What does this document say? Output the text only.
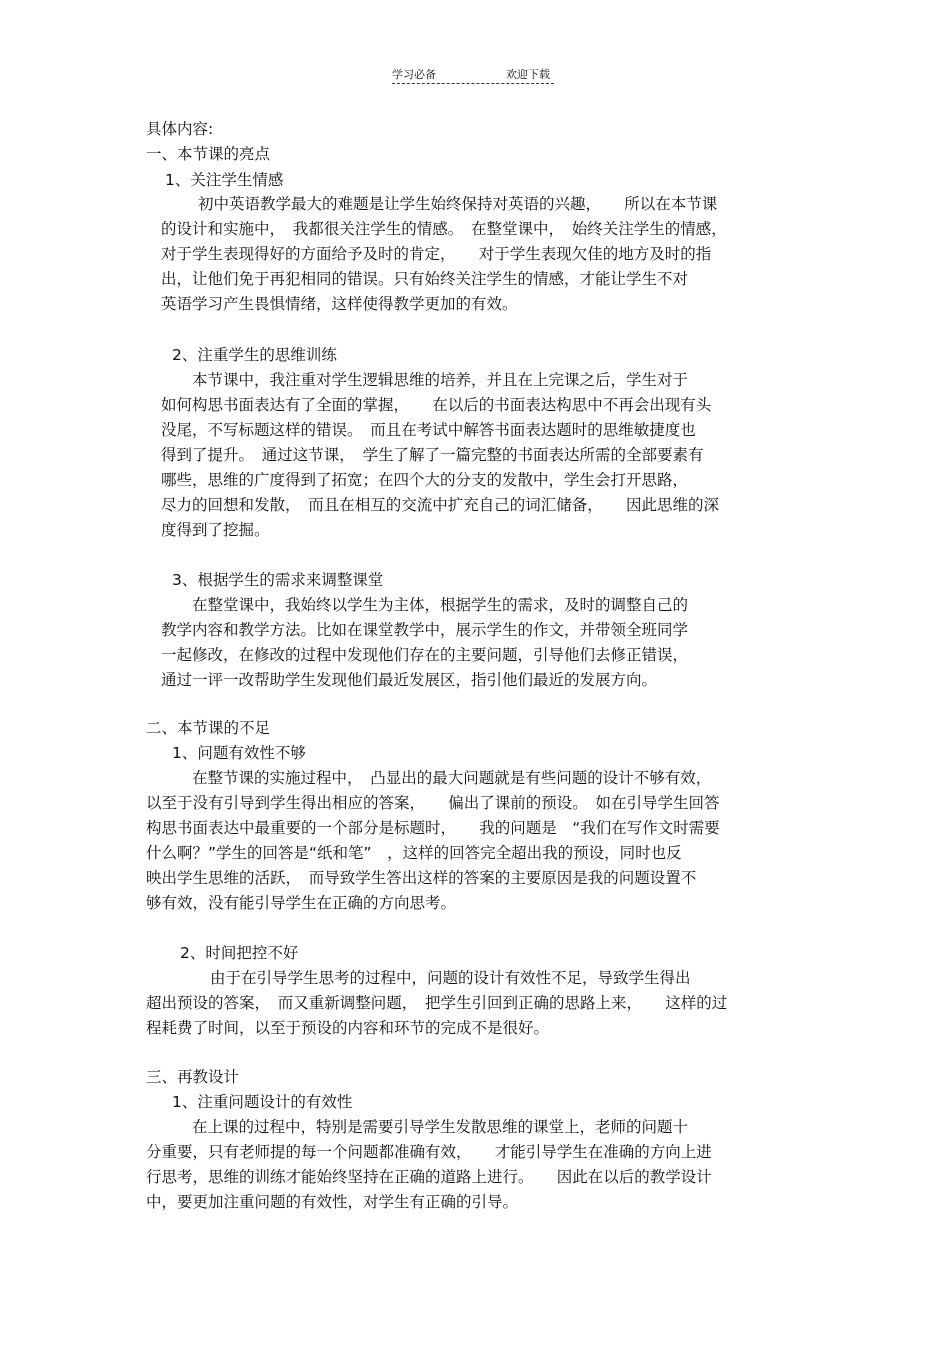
学习必备	欢迎下载
具体内容:
一、本节课的亮点
1、关注学生情感
初中英语教学最大的难题是让学生始终保持对英语的兴趣，　　所以在本节课
的设计和实施中，　我都很关注学生的情感。　在整堂课中，　始终关注学生的情感，
对于学生表现得好的方面给予及时的肯定，　　对于学生表现欠佳的地方及时的指
出，让他们免于再犯相同的错误。只有始终关注学生的情感，才能让学生不对
英语学习产生畏惧情绪，这样使得教学更加的有效。
2、注重学生的思维训练
本节课中，我注重对学生逻辑思维的培养，并且在上完课之后，学生对于
如何构思书面表达有了全面的掌握，　　在以后的书面表达构思中不再会出现有头
没尾，不写标题这样的错误。　而且在考试中解答书面表达题时的思维敏捷度也
得到了提升。　通过这节课，　学生了解了一篇完整的书面表达所需的全部要素有
哪些，思维的广度得到了拓宽；在四个大的分支的发散中，学生会打开思路，
尽力的回想和发散，　而且在相互的交流中扩充自己的词汇储备，　　因此思维的深
度得到了挖掘。
3、根据学生的需求来调整课堂
在整堂课中，我始终以学生为主体，根据学生的需求，及时的调整自己的
教学内容和教学方法。比如在课堂教学中，展示学生的作文，并带领全班同学
一起修改，在修改的过程中发现他们存在的主要问题，引导他们去修正错误，
通过一评一改帮助学生发现他们最近发展区，指引他们最近的发展方向。
二、本节课的不足
1、问题有效性不够
在整节课的实施过程中，　凸显出的最大问题就是有些问题的设计不够有效，
以至于没有引导到学生得出相应的答案，　　偏出了课前的预设。　如在引导学生回答
构思书面表达中最重要的一个部分是标题时，　　我的问题是　“我们在写作文时需要
什么啊？”学生的回答是“纸和笔”　，这样的回答完全超出我的预设，同时也反
映出学生思维的活跃，　而导致学生答出这样的答案的主要原因是我的问题设置不
够有效，没有能引导学生在正确的方向思考。
2、时间把控不好
由于在引导学生思考的过程中，问题的设计有效性不足，导致学生得出
超出预设的答案，　而又重新调整问题，　把学生引回到正确的思路上来，　　这样的过
程耗费了时间，以至于预设的内容和环节的完成不是很好。
三、再教设计
1、注重问题设计的有效性
在上课的过程中，特别是需要引导学生发散思维的课堂上，老师的问题十
分重要，只有老师提的每一个问题都准确有效，　　才能引导学生在准确的方向上进
行思考，思维的训练才能始终坚持在正确的道路上进行。　　因此在以后的教学设计
中，要更加注重问题的有效性，对学生有正确的引导。
